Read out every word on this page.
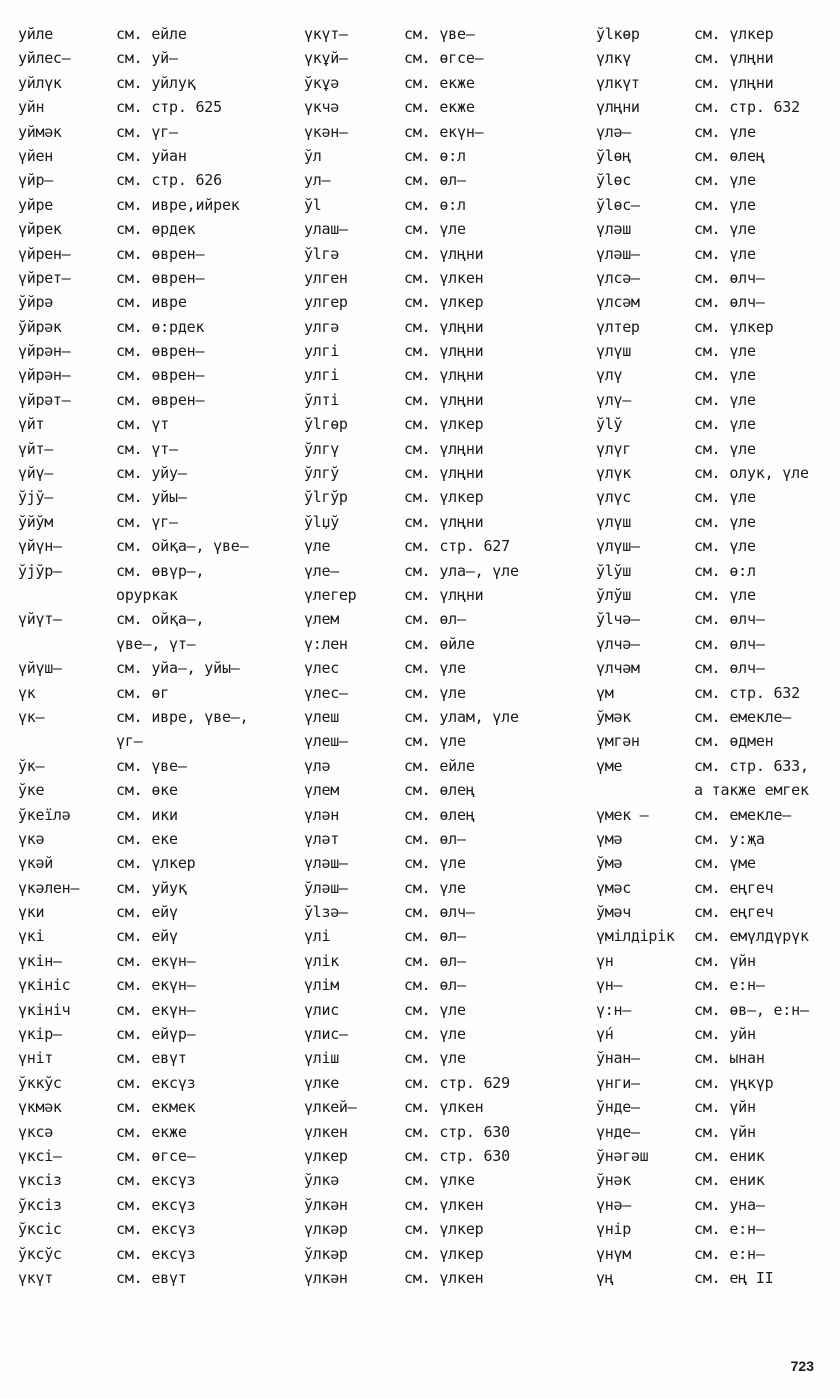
уйле	см. ейле
уйлес–	см. уй–
уйлүк	см. уйлуқ
уйн	см. стр. 625
уймәк	см. үг–
үйен	см. уйан
үйр–	см. стр. 626
уйре	см. ивре,ийрек
үйрек	см. өрдек
үйрен–	см. өврен–
үйрет–	см. өврен–
ўйрә	см. ивре
ўйрәк	см. ө:рдек
үйрән–	см. өврен–
үйрән–	см. өврен–
үйрәт–	см. өврен–
үйт	см. үт
үйт–	см. үт–
үйү–	см. уйу–
ўјў–	см. уйы–
ўйўм	см. үг–
үйүн–	см. ойқа–, үве–
ўјўр–	см. өвүр–,
оруркак
үйүт–	см. ойқа–,
үве–, үт–
үйүш–	см. уйа–, уйы–
үк	см. өг
үк–	см. ивре, үве–,
үг–
ўк–	см. үве–
ўке	см. өке
ўкеїлә	см. ики
үкә	см. еке
үкәй	см. үлкер
үкәлен–	см. уйуқ
үки	см. ейү
үкі	см. ейү
үкін–	см. екүн–
үкініс	см. екүн–
үкініч	см. екүн–
үкір–	см. ейүр–
үніт	см. евүт
ўккўс	см. ексүз
үкмәк	см. екмек
үксә	см. екже
үксі–	см. өгсе–
үксіз	см. ексүз
ўксіз	см. ексүз
ўксіс	см. ексүз
ўксўс	см. ексүз
үкүт	см. евүт
үкүт–	см. үве–
үкұй–	см. өгсе–
ўкұә	см. екже
үкчә	см. екже
үкән–	см. екүн–
ўл	см. ө:л
ул–	см. өл–
ўl	см. ө:л
улаш–	см. үле
ўlгә	см. үлңни
улген	см. үлкен
улгер	см. үлкер
улгә	см. үлңни
улгі	см. үлңни
улгі	см. үлңни
ўлті	см. үлңни
ўlгөр	см. үлкер
ўлгү	см. үлңни
ўлгў	см. үлңни
ўlгўр	см. үлкер
ўlџў	см. үлңни
үле	см. стр. 627
үле–	см. ула–, үле
үлегер	см. үлңни
үлем	см. өл–
ү:лен	см. өйле
үлес	см. үле
үлес–	см. үле
үлеш	см. улам, үле
үлеш–	см. үле
үлә	см. ейле
үлем	см. өлең
үлән	см. өлең
үләт	см. өл–
үләш–	см. үле
ўләш–	см. үле
ўlзә–	см. өлч–
үлі	см. өл–
үлік	см. өл–
үлім	см. өл–
үлис	см. үле
үлис–	см. үле
үліш	см. үле
үлке	см. стр. 629
үлкей–	см. үлкен
үлкен	см. стр. 630
үлкер	см. стр. 630
ўлкә	см. үлке
ўлкән	см. үлкен
үлкәр	см. үлкер
ўлкәр	см. үлкер
үлкән	см. үлкен
ўlкөр	см. үлкер
үлкү	см. үлңни
үлкүт	см. үлңни
үлңни	см. стр. 632
үлә–	см. үле
ўlөң	см. өлең
ўlөс	см. үле
ўlөс–	см. үле
үләш	см. үле
үләш–	см. үле
үлсә–	см. өлч–
үлсәм	см. өлч–
үлтер	см. үлкер
үлүш	см. үле
үлү	см. үле
үлү–	см. үле
ўlў	см. үле
үлүг	см. үле
үлүк	см. олук, үле
үлүс	см. үле
үлүш	см. үле
үлүш–	см. үле
ўlўш	см. ө:л
ўлўш	см. үле
ўlчә–	см. өлч–
үлчә–	см. өлч–
үлчәм	см. өлч–
үм	см. стр. 632
ўмәк	см. емекле–
үмгән	см. өдмен
үме	см. стр. 633,
а также емгек
үмек –	см. емекле–
үмә	см. у:җа
ўмә	см. үме
үмәс	см. еңгеч
ўмәч	см. еңгеч
үмілдірік	см. емүлдүрүк
үн	см. үйн
үн–	см. е:н–
ү:н–	см. өв–, е:н–
үн́	см. уйн
ўнан–	см. ынан
үнги–	см. үңкүр
ўнде–	см. үйн
үнде–	см. үйн
ўнәгәш	см. еник
ўнәк	см. еник
үнә–	см. уна–
үнір	см. е:н–
үнүм	см. е:н–
үң	см. ең II
723
